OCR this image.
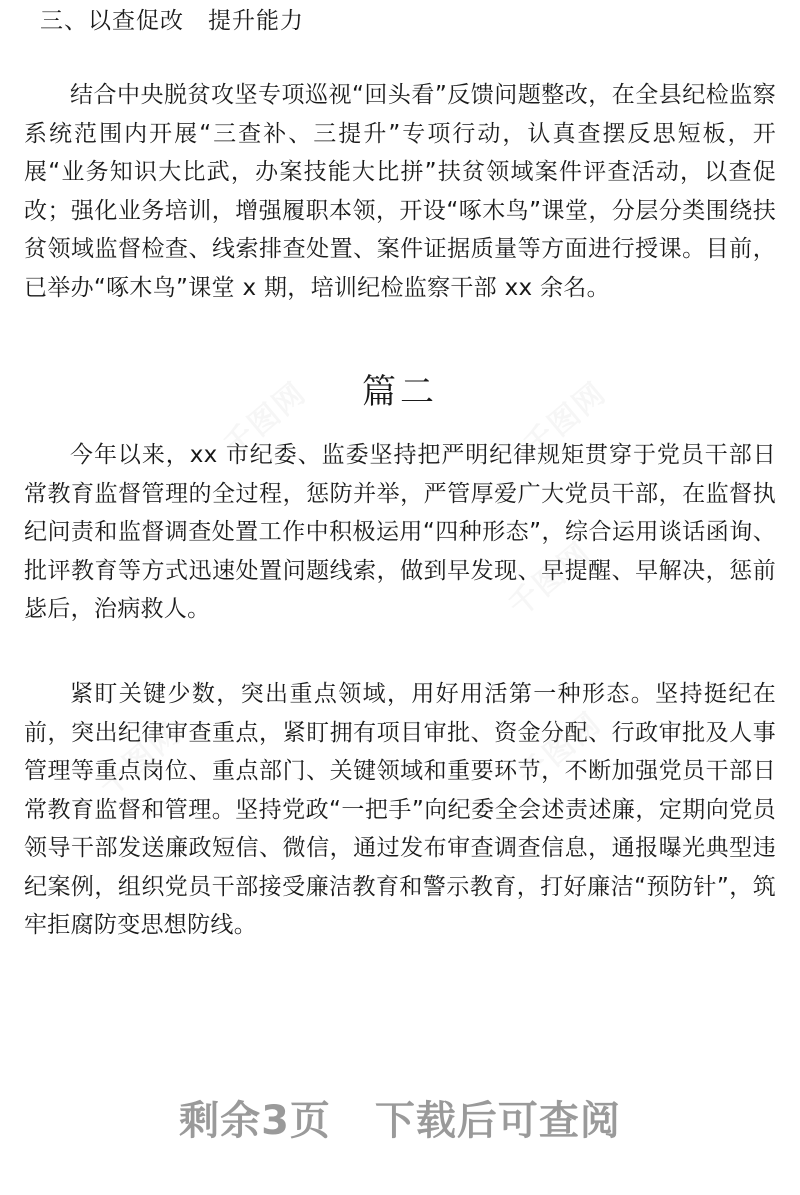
三、以查促改　提升能力

结合中央脱贫攻坚专项巡视“回头看”反馈问题整改，在全县纪检监察系统范围内开展“三查补、三提升”专项行动，认真查摆反思短板，开展“业务知识大比武，办案技能大比拼”扶贫领域案件评查活动，以查促改；强化业务培训，增强履职本领，开设“啄木鸟”课堂，分层分类围绕扶贫领域监督检查、线索排查处置、案件证据质量等方面进行授课。目前，已举办“啄木鸟”课堂 x 期，培训纪检监察干部 xx 余名。

篇二

今年以来，xx 市纪委、监委坚持把严明纪律规矩贯穿于党员干部日常教育监督管理的全过程，惩防并举，严管厚爱广大党员干部，在监督执纪问责和监督调查处置工作中积极运用“四种形态”，综合运用谈话函询、批评教育等方式迅速处置问题线索，做到早发现、早提醒、早解决，惩前毖后，治病救人。

紧盯关键少数，突出重点领域，用好用活第一种形态。坚持挺纪在前，突出纪律审查重点，紧盯拥有项目审批、资金分配、行政审批及人事管理等重点岗位、重点部门、关键领域和重要环节，不断加强党员干部日常教育监督和管理。坚持党政“一把手”向纪委全会述责述廉，定期向党员领导干部发送廉政短信、微信，通过发布审查调查信息，通报曝光典型违纪案例，组织党员干部接受廉洁教育和警示教育，打好廉洁“预防针”，筑牢拒腐防变思想防线。

千图网	千图网
千图网
千图网	千图网
剩余3页 下载后可查阅
